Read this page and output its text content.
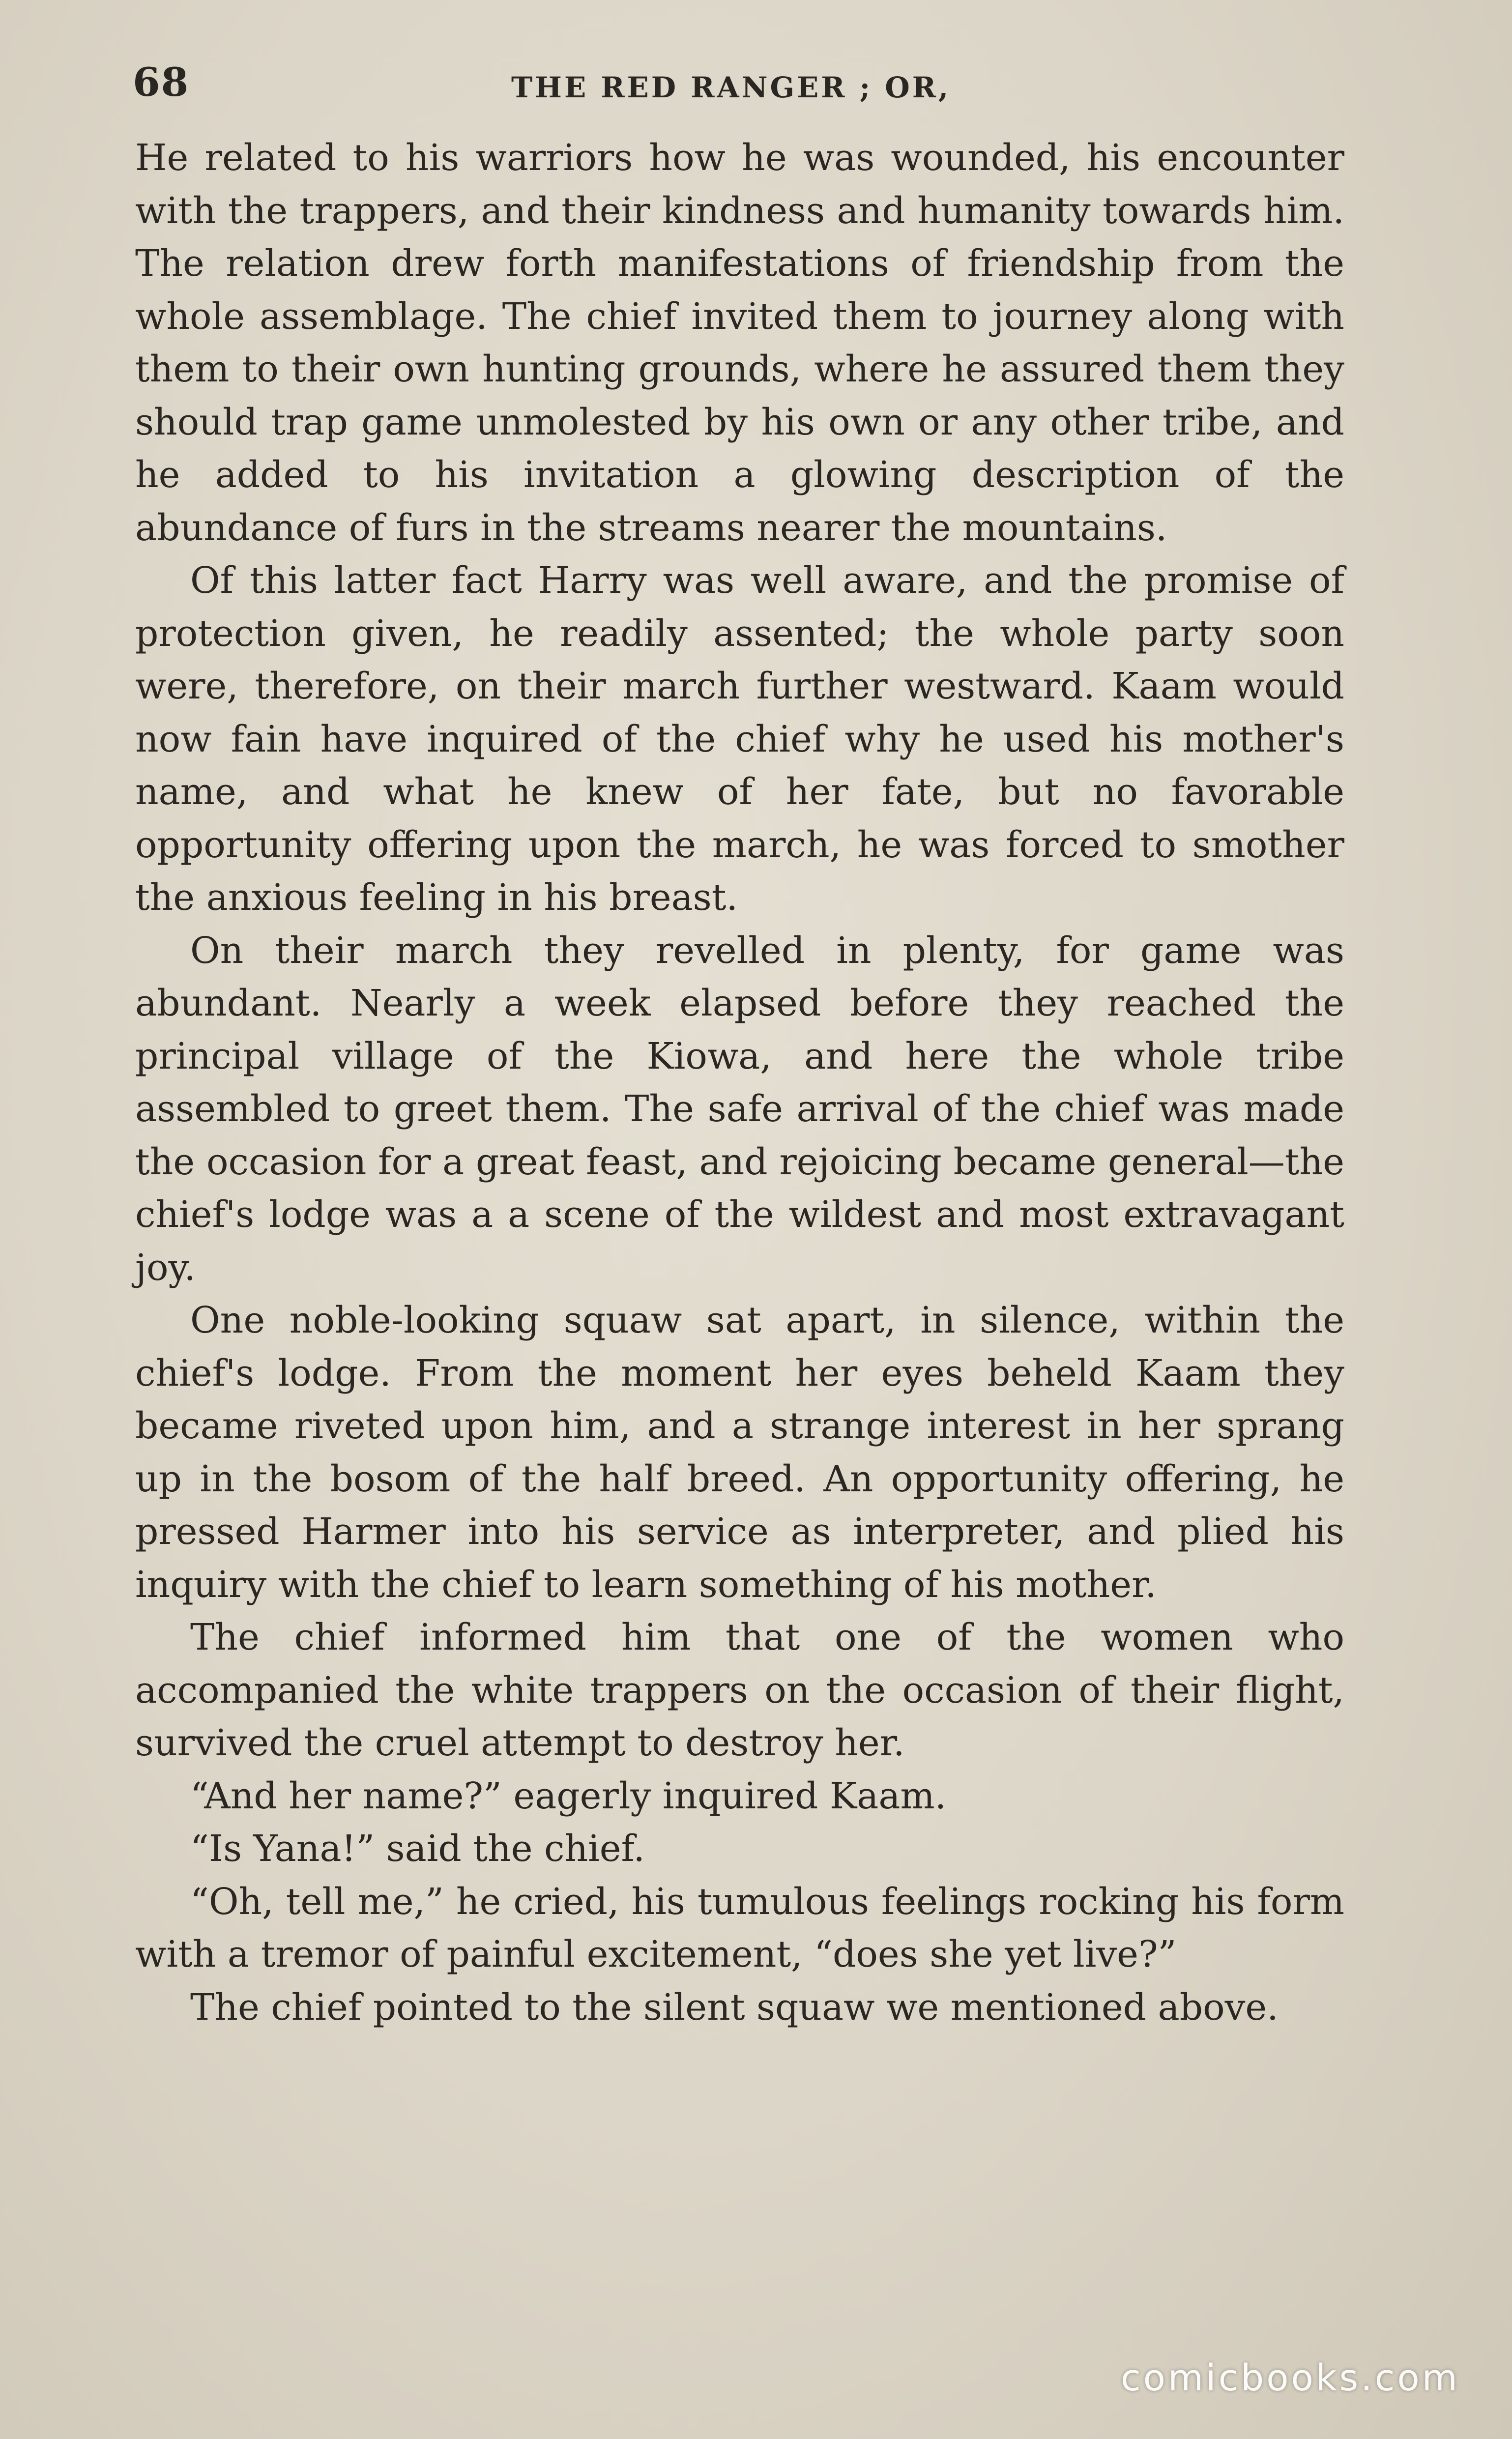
68	THE RED RANGER ; OR,

He related to his warriors how he was wounded, his encounter with the trappers, and their kindness and humanity towards him. The relation drew forth manifestations of friendship from the whole assemblage. The chief invited them to journey along with them to their own hunting grounds, where he assured them they should trap game unmolested by his own or any other tribe, and he added to his invitation a glowing description of the abundance of furs in the streams nearer the mountains.

Of this latter fact Harry was well aware, and the promise of protection given, he readily assented; the whole party soon were, therefore, on their march further westward. Kaam would now fain have inquired of the chief why he used his mother's name, and what he knew of her fate, but no favorable opportunity offering upon the march, he was forced to smother the anxious feeling in his breast.

On their march they revelled in plenty, for game was abundant. Nearly a week elapsed before they reached the principal village of the Kiowa, and here the whole tribe assembled to greet them. The safe arrival of the chief was made the occasion for a great feast, and rejoicing became general—the chief's lodge was a a scene of the wildest and most extravagant joy.

One noble-looking squaw sat apart, in silence, within the chief's lodge. From the moment her eyes beheld Kaam they became riveted upon him, and a strange interest in her sprang up in the bosom of the half breed. An opportunity offering, he pressed Harmer into his service as interpreter, and plied his inquiry with the chief to learn something of his mother.

The chief informed him that one of the women who accompanied the white trappers on the occasion of their flight, survived the cruel attempt to destroy her.

“And her name?” eagerly inquired Kaam.

“Is Yana!” said the chief.

“Oh, tell me,” he cried, his tumulous feelings rocking his form with a tremor of painful excitement, “does she yet live?”

The chief pointed to the silent squaw we mentioned above.

comicbooks.com
